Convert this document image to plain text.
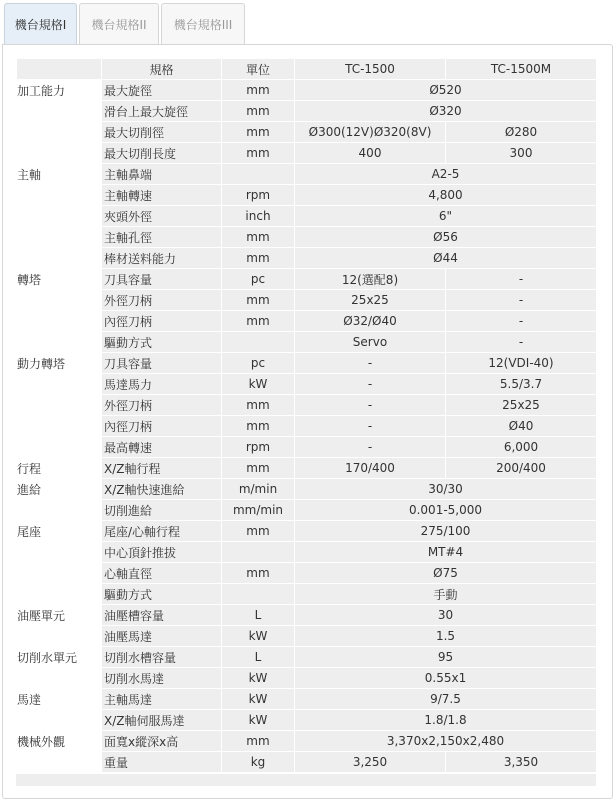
機台規格I 機台規格II 機台規格III
	規格	單位	TC-1500	TC-1500M
加工能力	最大旋徑	mm	Ø520	
	滑台上最大旋徑	mm	Ø320	
	最大切削徑	mm	Ø300(12V)Ø320(8V)	Ø280
	最大切削長度	mm	400	300
主軸	主軸鼻端		A2-5	
	主軸轉速	rpm	4,800	
	夾頭外徑	inch	6"	
	主軸孔徑	mm	Ø56	
	棒材送料能力	mm	Ø44	
轉塔	刀具容量	pc	12(選配8)	-
	外徑刀柄	mm	25x25	-
	內徑刀柄	mm	Ø32/Ø40	-
	驅動方式		Servo	-
動力轉塔	刀具容量	pc	-	12(VDI-40)
	馬達馬力	kW	-	5.5/3.7
	外徑刀柄	mm	-	25x25
	內徑刀柄	mm	-	Ø40
	最高轉速	rpm	-	6,000
行程	X/Z軸行程	mm	170/400	200/400
進給	X/Z軸快速進給	m/min	30/30	
	切削進給	mm/min	0.001-5,000	
尾座	尾座/心軸行程	mm	275/100	
	中心頂針推拔		MT#4	
	心軸直徑	mm	Ø75	
	驅動方式		手動	
油壓單元	油壓槽容量	L	30	
	油壓馬達	kW	1.5	
切削水單元	切削水槽容量	L	95	
	切削水馬達	kW	0.55x1	
馬達	主軸馬達	kW	9/7.5	
	X/Z軸伺服馬達	kW	1.8/1.8	
機械外觀	面寬x縱深x高	mm	3,370x2,150x2,480	
	重量	kg	3,250	3,350
